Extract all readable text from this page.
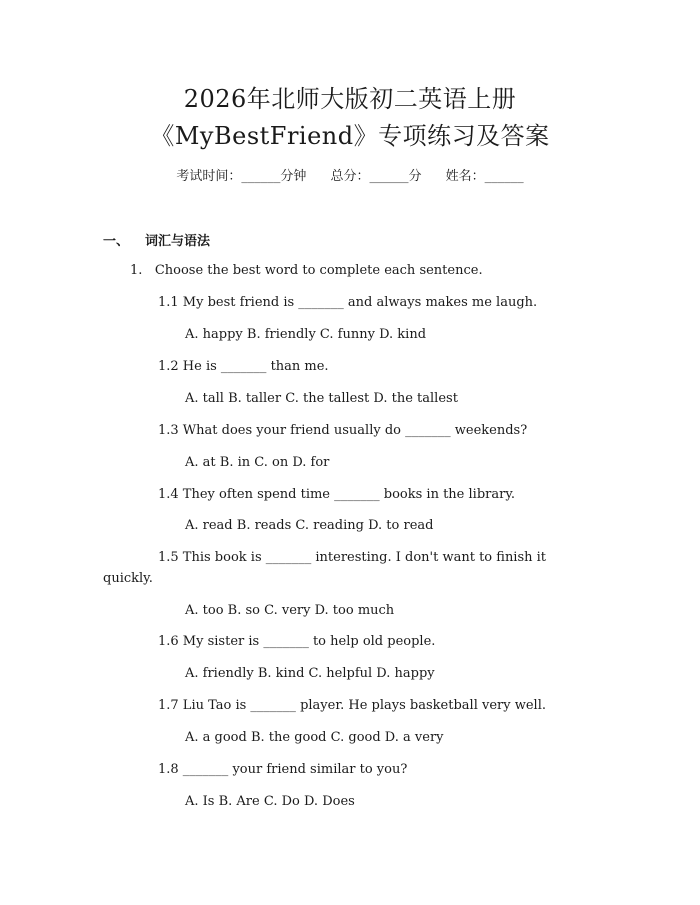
2026年北师大版初二英语上册
《MyBestFriend》专项练习及答案
考试时间：______分钟 总分：______分 姓名：______
一、 词汇与语法
1. Choose the best word to complete each sentence.
1.1 My best friend is _______ and always makes me laugh.
A. happy B. friendly C. funny D. kind
1.2 He is _______ than me.
A. tall B. taller C. the tallest D. the tallest
1.3 What does your friend usually do _______ weekends?
A. at B. in C. on D. for
1.4 They often spend time _______ books in the library.
A. read B. reads C. reading D. to read
1.5 This book is _______ interesting. I don't want to finish it quickly.
A. too B. so C. very D. too much
1.6 My sister is _______ to help old people.
A. friendly B. kind C. helpful D. happy
1.7 Liu Tao is _______ player. He plays basketball very well.
A. a good B. the good C. good D. a very
1.8 _______ your friend similar to you?
A. Is B. Are C. Do D. Does
